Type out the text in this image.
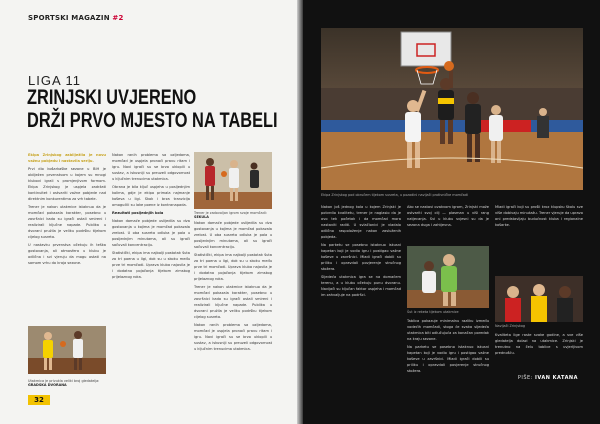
SPORTSKI MAGAZIN #2
LIGA 11
ZRINJSKI UVJERENO
DRŽI PRVO MJESTO NA TABELI

Ekipa Zrinjskog zabilježila je novu važnu pobjedu i nastavila seriju.

Prvi dio košarkaške sezone u BiH je obilježen prvenstvom u kojem su mnogi klubovi igrali s promjenjivom formom. Ekipa Zrinjskog je uspjela zadržati kontinuitet i ostvariti važne pobjede nad direktnim konkurentima za vrh tabele.

Trener je nakon utakmice istaknuo da je momčad pokazala karakter, posebno u završnici kada su igrači ostali smireni i realizirali ključne napade. Publika u dvorani pružila je veliku podršku tijekom cijelog susreta.

U nastavku prvenstva očekuju ih teška gostovanja, ali atmosfera u klubu je odlična i svi vjeruju da mogu ostati na samom vrhu do kraja sezone.

Nakon ranih problema sa ozljedama, momčad je uspjela pronaći pravu ritam i igru. Novi igrači su se brzo uklopili u sustav, a iskusniji su preuzeli odgovornost u ključnim trenucima utakmica.

Obrana je bila ključ uspjeha u posljednjim kolima, gdje je ekipa primala najmanje koševa u ligi. Skok i brza tranzicija omogućili su lake poene iz kontranapada.

Rezultati posljednjih kola

Nakon domaće pobjede uslijedila su dva gostovanja u kojima je momčad pokazala zrelost. U oba susreta odluka je pala u posljednjim minutama, ali su igrači sačuvali koncentraciju.

Statistički, ekipa ima najbolji postotak šuta za tri poena u ligi, dok su u skoku među prve tri momčadi. Uprava kluba najavila je i dodatna pojačanja tijekom zimskog prijelaznog roka.

Trener je zadovoljan igrom svoje momčadi: SEKULA

Nakon domaće pobjede uslijedila su dva gostovanja u kojima je momčad pokazala zrelost. U oba susreta odluka je pala u posljednjim minutama, ali su igrači sačuvali koncentraciju.

Statistički, ekipa ima najbolji postotak šuta za tri poena u ligi, dok su u skoku među prve tri momčadi. Uprava kluba najavila je i dodatna pojačanja tijekom zimskog prijelaznog roka.

Trener je nakon utakmice istaknuo da je momčad pokazala karakter, posebno u završnici kada su igrači ostali smireni i realizirali ključne napade. Publika u dvorani pružila je veliku podršku tijekom cijelog susreta.

Nakon ranih problema sa ozljedama, momčad je uspjela pronaći pravu ritam i igru. Novi igrači su se brzo uklopili u sustav, a iskusniji su preuzeli odgovornost u ključnim trenucima utakmica.

Utakmica je privukla veliki broj gledatelja: GRADSKA DVORANA
32
Ekipa Zrinjskog pod obručem tijekom susreta, u pozadini navijači protivničke momčadi

Nakon još jednog kola u kojem Zrinjski je potvrdio kvalitetu, trener je naglasio da je ovo tek početak i da momčad mora nastaviti raditi. U svlačionici je vladalo odlično raspoloženje nakon zasluženih pobjeda.

Na parketu se posebno istaknuo iskusni kapetan koji je vodio igru i postigao važne koševe u završnici. Mladi igrači dobili su priliku i opravdali povjerenje stručnog stožera.

Sljedeća utakmica igra se na domaćem terenu, a u klubu očekuju punu dvoranu. Navijači su ključan faktor uspjeha i momčad im zahvaljuje na podršci.

Ako se nastavi ovakvom igrom, Zrinjski može ostvariti svoj cilj — plasman u viši rang natjecanja. Svi u klubu svjesni su da je sezona duga i zahtjevna.

Šut iz reketa tijekom utakmice

Tablica pokazuje minimalnu razliku između vodećih momčadi, stoga će svaka sljedeća utakmica biti odlučujuća za konačan poredak na kraju sezone.

Na parketu se posebno istaknuo iskusni kapetan koji je vodio igru i postigao važne koševe u završnici. Mladi igrači dobili su priliku i opravdali povjerenje stručnog stožera.

Mladi igrači koji su prošli kroz klupsku školu sve više dobivaju minutažu. Trener vjeruje da upravo oni predstavljaju budućnost kluba i regionalne košarke.

Navijači Zrinjskog

Kvaliteta lige raste svake godine, a sve više gledatelja dolazi na utakmice. Zrinjski je trenutno na čelu tablice s uvjerljivom prednošću.

PIŠE: IVAN KATANA
